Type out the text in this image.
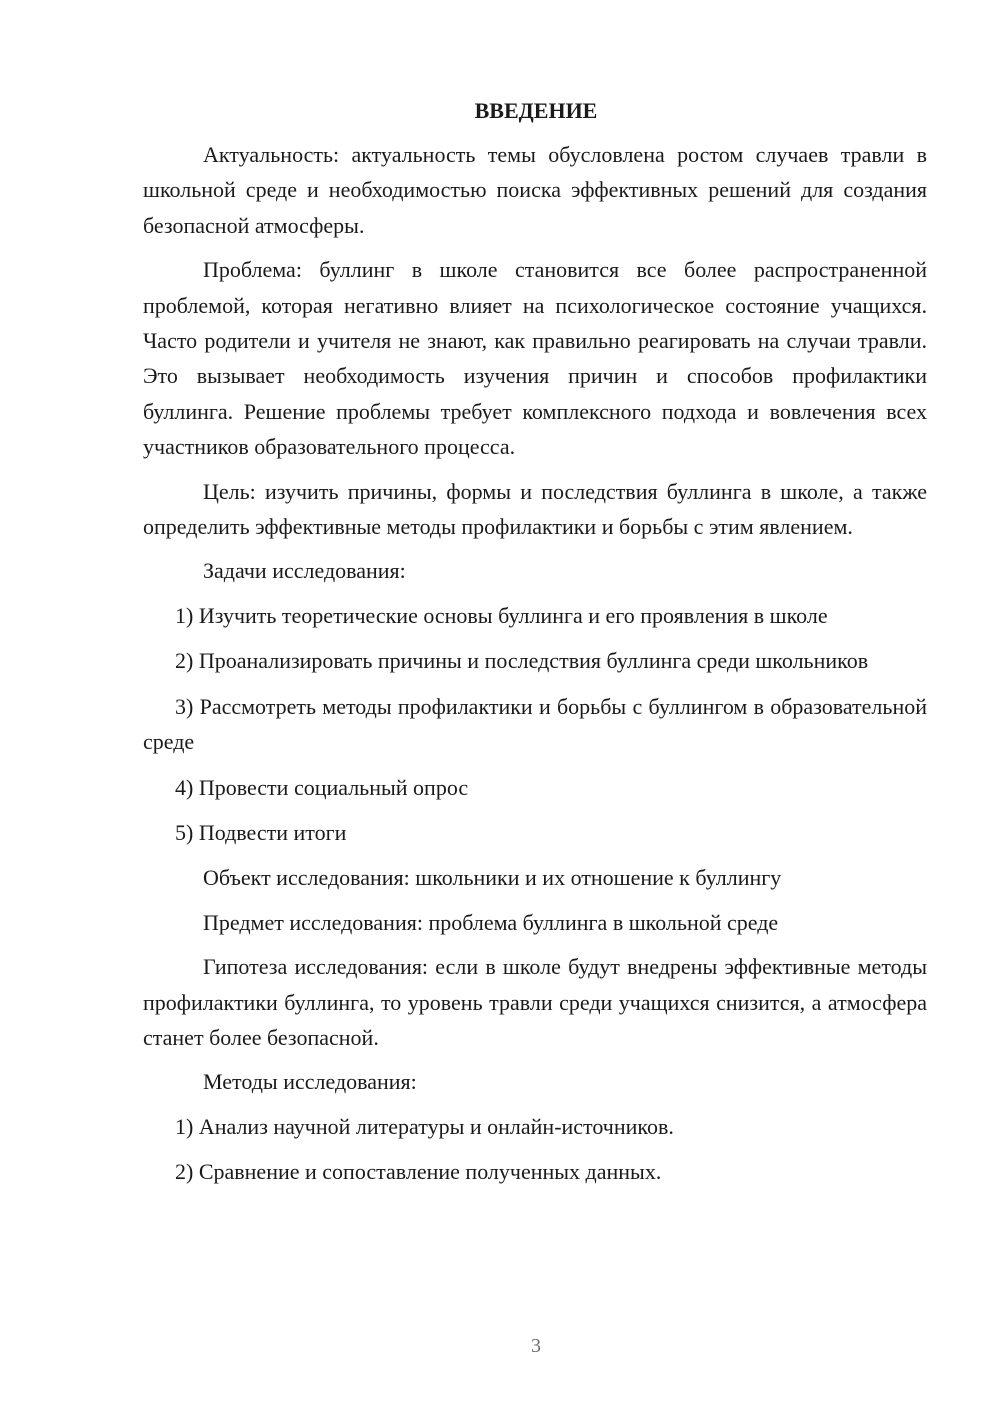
ВВЕДЕНИЕ

Актуальность: актуальность темы обусловлена ростом случаев травли в школьной среде и необходимостью поиска эффективных решений для создания безопасной атмосферы.

Проблема: буллинг в школе становится все более распространенной проблемой, которая негативно влияет на психологическое состояние учащихся. Часто родители и учителя не знают, как правильно реагировать на случаи травли. Это вызывает необходимость изучения причин и способов профилактики буллинга. Решение проблемы требует комплексного подхода и вовлечения всех участников образовательного процесса.

Цель: изучить причины, формы и последствия буллинга в школе, а также определить эффективные методы профилактики и борьбы с этим явлением.

Задачи исследования:

1) Изучить теоретические основы буллинга и его проявления в школе

2) Проанализировать причины и последствия буллинга среди школьников

3) Рассмотреть методы профилактики и борьбы с буллингом в образовательной среде

4) Провести социальный опрос

5) Подвести итоги

Объект исследования: школьники и их отношение к буллингу

Предмет исследования: проблема буллинга в школьной среде

Гипотеза исследования: если в школе будут внедрены эффективные методы профилактики буллинга, то уровень травли среди учащихся снизится, а атмосфера станет более безопасной.

Методы исследования:

1) Анализ научной литературы и онлайн-источников.

2) Сравнение и сопоставление полученных данных.

3
